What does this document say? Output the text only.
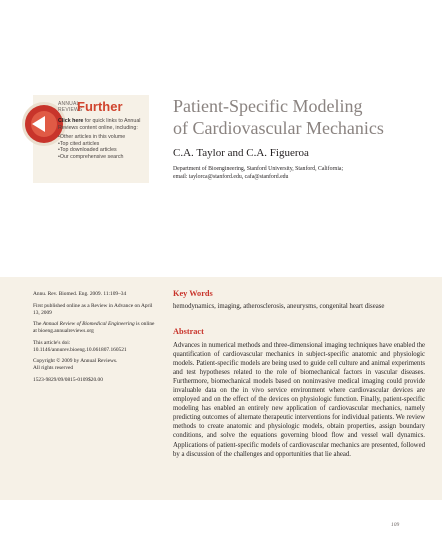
ANNUAL REVIEWS
Further
Click here for quick links to Annual Reviews content online, including:
• Other articles in this volume
• Top cited articles
• Top downloaded articles
• Our comprehensive search
Patient-Specific Modeling
of Cardiovascular Mechanics
C.A. Taylor and C.A. Figueroa
Department of Bioengineering, Stanford University, Stanford, California;
email: taylorca@stanford.edu, cafa@stanford.edu

Annu. Rev. Biomed. Eng. 2009. 11:109–34

First published online as a Review in Advance on April 13, 2009

The Annual Review of Biomedical Engineering is online at bioeng.annualreviews.org

This article's doi:
10.1146/annurev.bioeng.10.061807.160521

Copyright © 2009 by Annual Reviews.
All rights reserved

1523-9829/09/0815-0109$20.00

Key Words
hemodynamics, imaging, atherosclerosis, aneurysms, congenital heart disease
Abstract
Advances in numerical methods and three-dimensional imaging techniques have enabled the quantification of cardiovascular mechanics in subject-specific anatomic and physiologic models. Patient-specific models are being used to guide cell culture and animal experiments and test hypotheses related to the role of biomechanical factors in vascular diseases. Furthermore, biomechanical models based on noninvasive medical imaging could provide invaluable data on the in vivo service environment where cardiovascular devices are employed and on the effect of the devices on physiologic function. Finally, patient-specific modeling has enabled an entirely new application of cardiovascular mechanics, namely predicting outcomes of alternate therapeutic interventions for individual patients. We review methods to create anatomic and physiologic models, obtain properties, assign boundary conditions, and solve the equations governing blood flow and vessel wall dynamics. Applications of patient-specific models of cardiovascular mechanics are presented, followed by a discussion of the challenges and opportunities that lie ahead.
109
